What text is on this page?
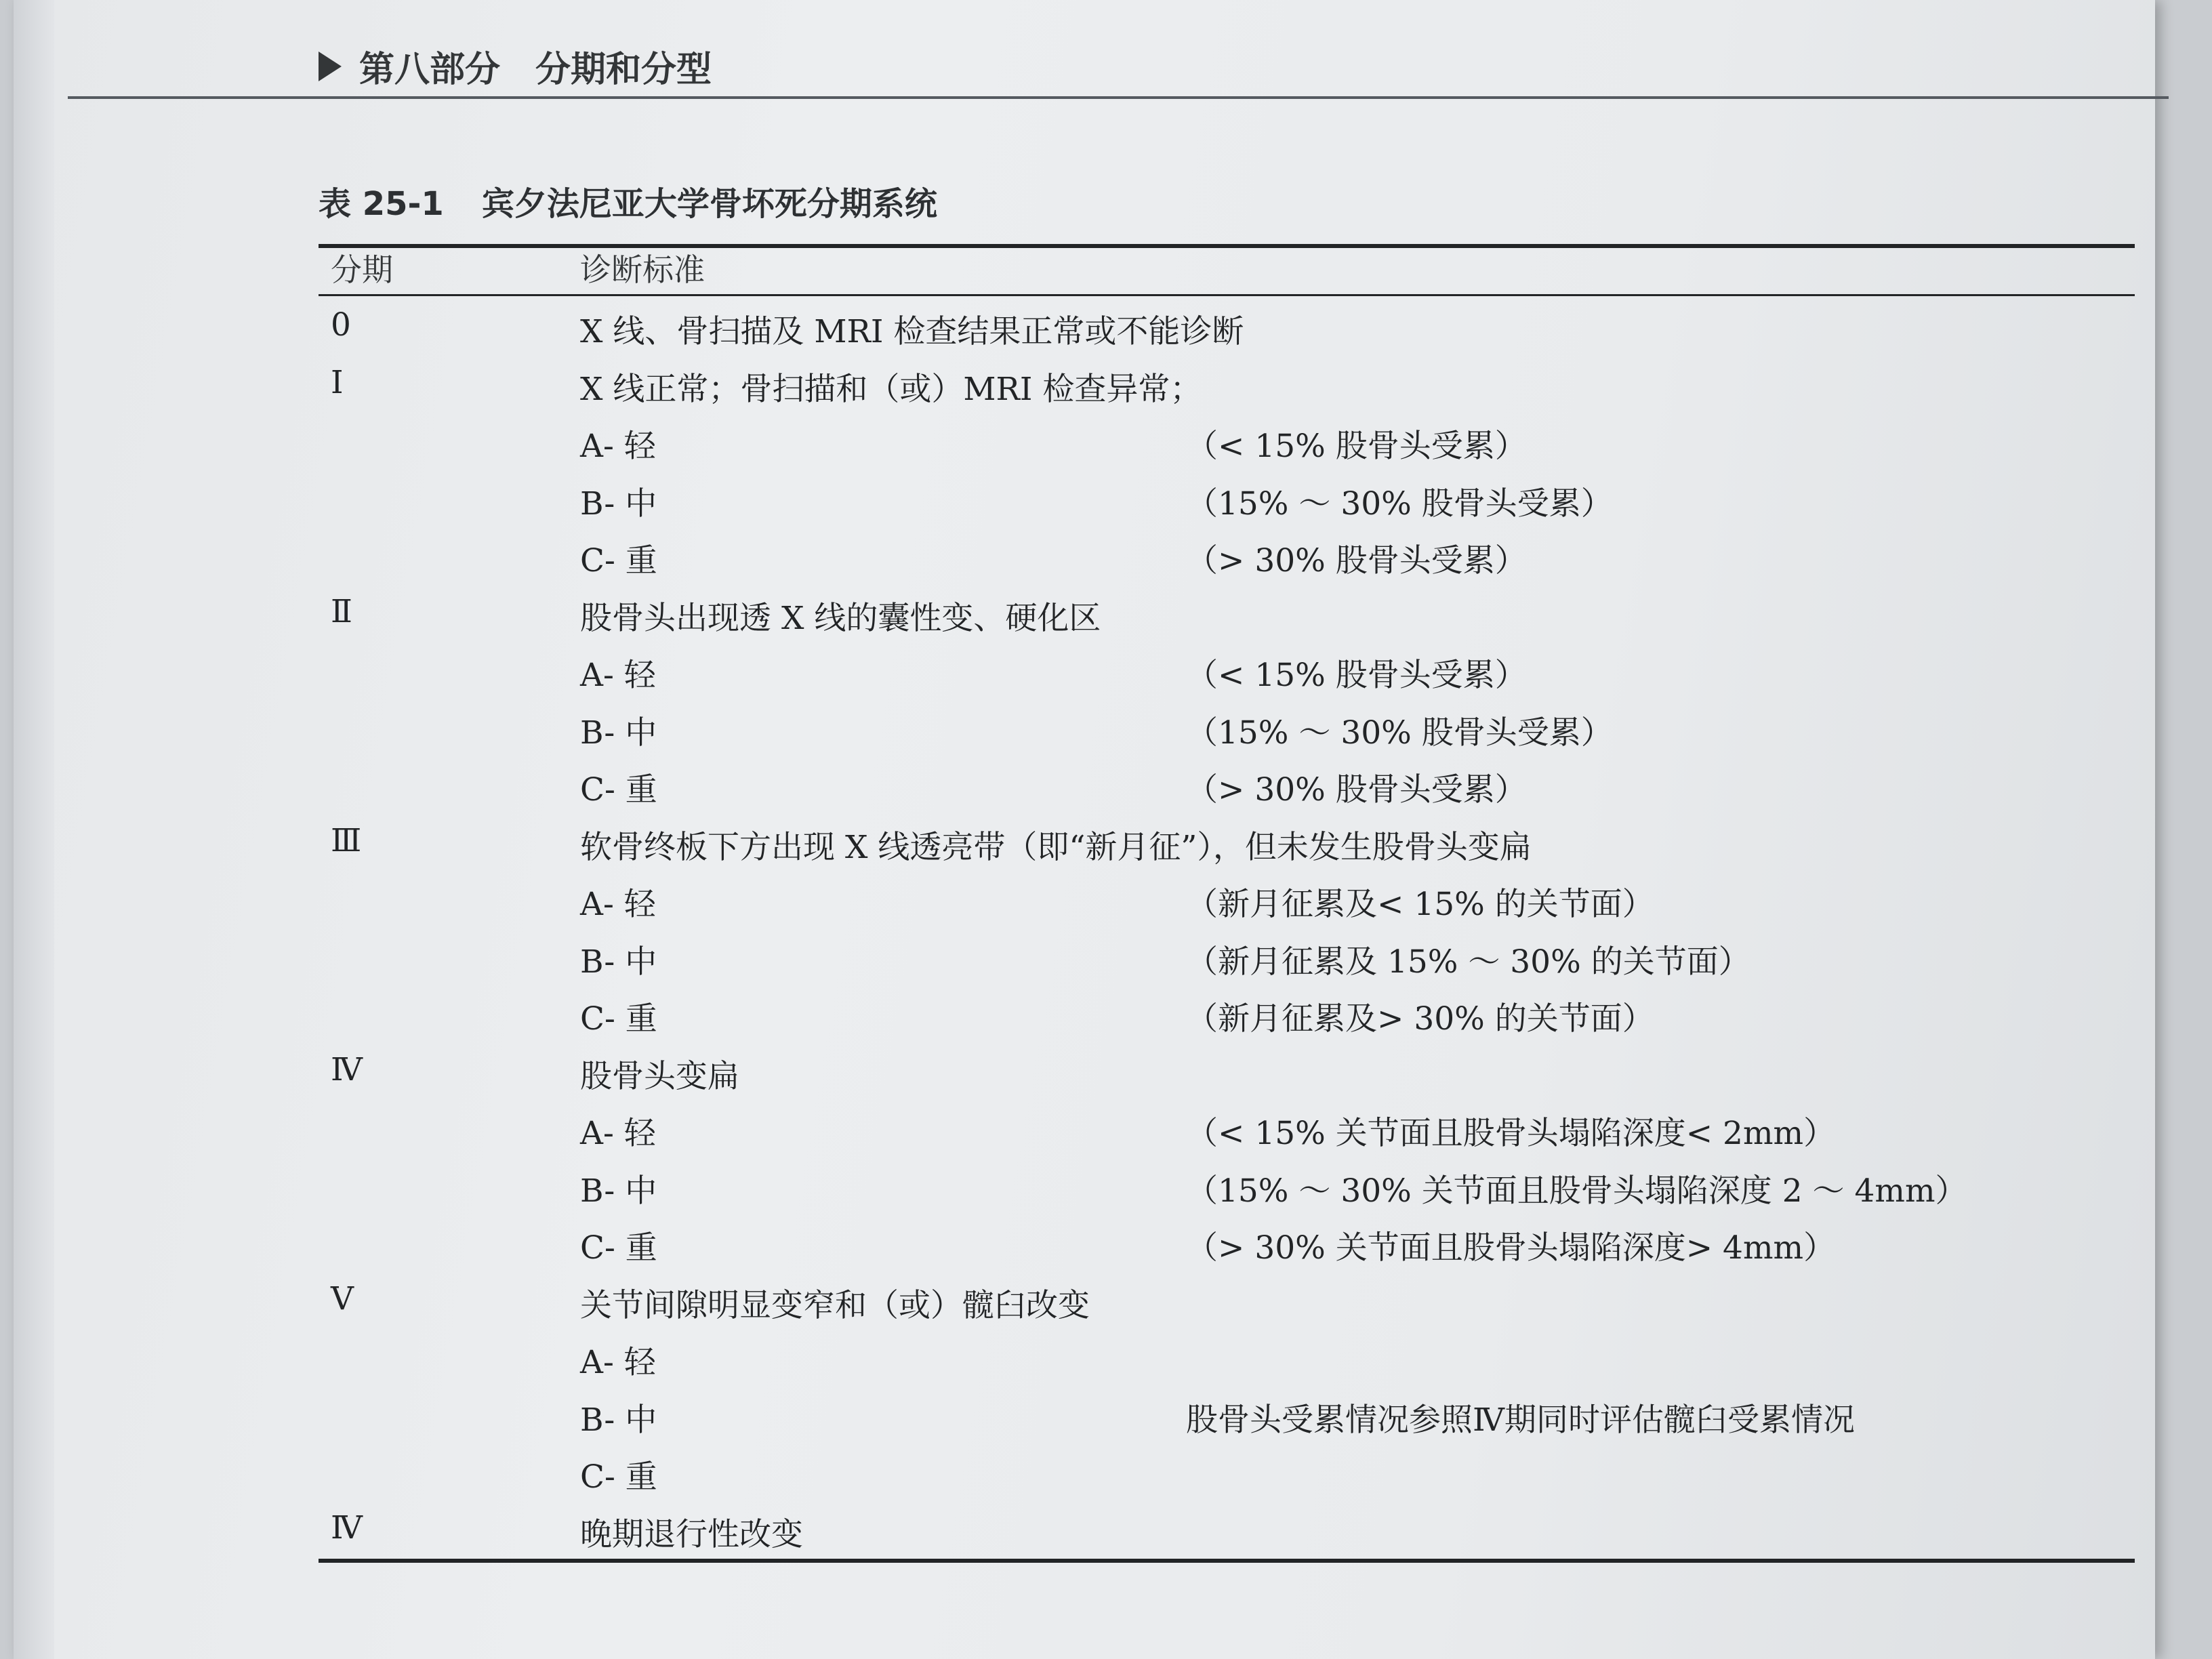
第八部分　分期和分型
表 25-1 宾夕法尼亚大学骨坏死分期系统
分期	诊断标准
0	X 线、骨扫描及 MRI 检查结果正常或不能诊断
Ⅰ	X 线正常；骨扫描和（或）MRI 检查异常；
A- 轻	（< 15% 股骨头受累）
B- 中	（15% ～ 30% 股骨头受累）
C- 重	（> 30% 股骨头受累）
Ⅱ	股骨头出现透 X 线的囊性变、硬化区
A- 轻	（< 15% 股骨头受累）
B- 中	（15% ～ 30% 股骨头受累）
C- 重	（> 30% 股骨头受累）
Ⅲ	软骨终板下方出现 X 线透亮带（即“新月征”），但未发生股骨头变扁
A- 轻	（新月征累及< 15% 的关节面）
B- 中	（新月征累及 15% ～ 30% 的关节面）
C- 重	（新月征累及> 30% 的关节面）
Ⅳ	股骨头变扁
A- 轻	（< 15% 关节面且股骨头塌陷深度< 2mm）
B- 中	（15% ～ 30% 关节面且股骨头塌陷深度 2 ～ 4mm）
C- 重	（> 30% 关节面且股骨头塌陷深度> 4mm）
Ⅴ	关节间隙明显变窄和（或）髋臼改变
A- 轻
B- 中	股骨头受累情况参照Ⅳ期同时评估髋臼受累情况
C- 重
Ⅳ	晚期退行性改变
